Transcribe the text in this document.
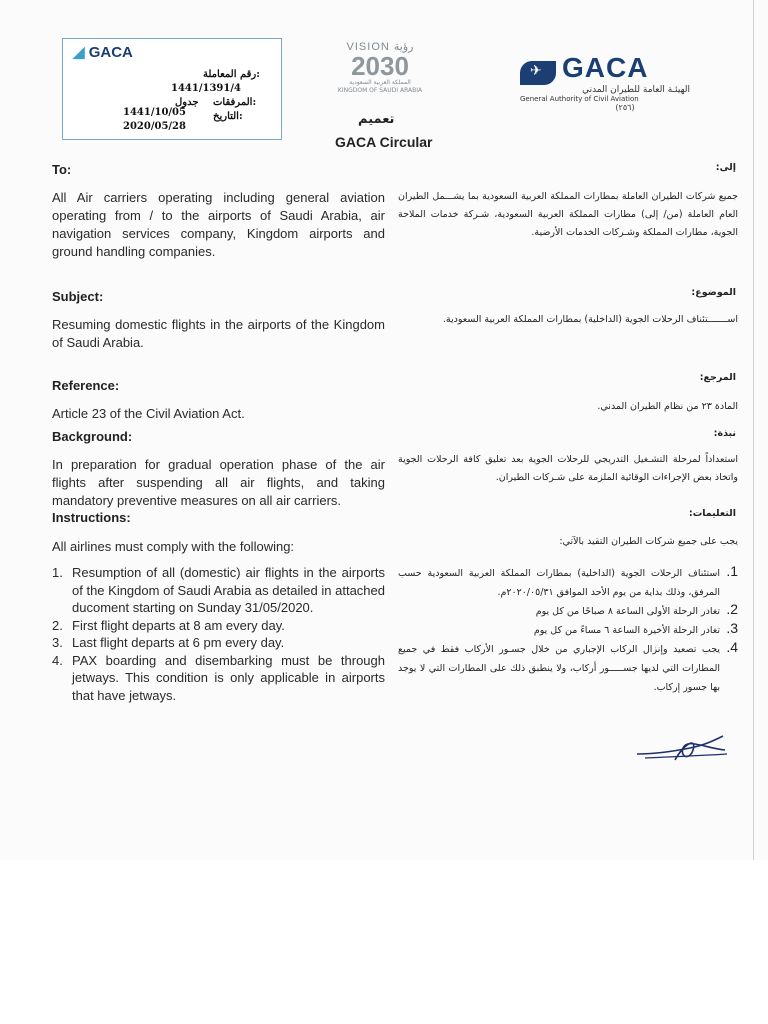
◢ GACA
رقم المعاملة:
1441/1391/4
المرفقات:
جدول
التاريخ:
1441/10/05
2020/05/28
VISION رؤية
2030
المملكة العربية السعودية
KINGDOM OF SAUDI ARABIA
✈GACA
الهيئـة العامة للطيران المدني
General Authority of Civil Aviation
(٢٥٦)
تعميم
GACA Circular
To:	إلى:
All Air carriers operating including general aviation operating from / to the airports of Saudi Arabia, air navigation services company, Kingdom airports and ground handling companies.
جميع شركات الطيران العاملة بمطارات المملكة العربية السعودية بما يشـــمل الطيران العام العاملة (من/ إلى) مطارات المملكة العربية السعودية، شـركة خدمات الملاحة الجوية، مطارات المملكة وشـركات الخدمات الأرضية.
Subject:	الموضوع:
Resuming domestic flights in the airports of the Kingdom of Saudi Arabia.
اســـــــتئناف الرحلات الجوية (الداخلية) بمطارات المملكة العربية السعودية.
Reference:
المرجع:
Article 23 of the Civil Aviation Act.	المادة ٢٣ من نظام الطيران المدني.
Background:	نبذة:
In preparation for gradual operation phase of the air flights after suspending all air flights, and taking mandatory preventive measures on all air carriers.
استعداداً لمرحلة التشـغيل التدريجي للرحلات الجوية بعد تعليق كافة الرحلات الجوية واتخاذ بعض الإجراءات الوقائية الملزمة على شـركات الطيران.
Instructions:	التعليمات:
All airlines must comply with the following:	يجب على جميع شركات الطيران التقيد بالآتي:
1. Resumption of all (domestic) air flights in the airports of the Kingdom of Saudi Arabia as detailed in attached ducoment starting on Sunday 31/05/2020.
2. First flight departs at 8 am every day.
3. Last flight departs at 6 pm every day.
4. PAX boarding and disembarking must be through jetways. This condition is only applicable in airports that have jetways.
1.
استئناف الرحلات الجوية (الداخلية) بمطارات المملكة العربية السعودية حسب المرفق، وذلك بداية من يوم الأحد الموافق ٢٠٢٠/٠٥/٣١م.
2.
تغادر الرحلة الأولى الساعة ٨ صباحًا من كل يوم
3.
تغادر الرحلة الأخيرة الساعة ٦ مساءً من كل يوم
4.
يجب تصعيد وإنزال الركاب الإجباري من خلال جسـور الأركاب فقط في جميع المطارات التي لديها جســـــور أركاب، ولا ينطبق ذلك على المطارات التي لا يوجد بها جسور إركاب.
